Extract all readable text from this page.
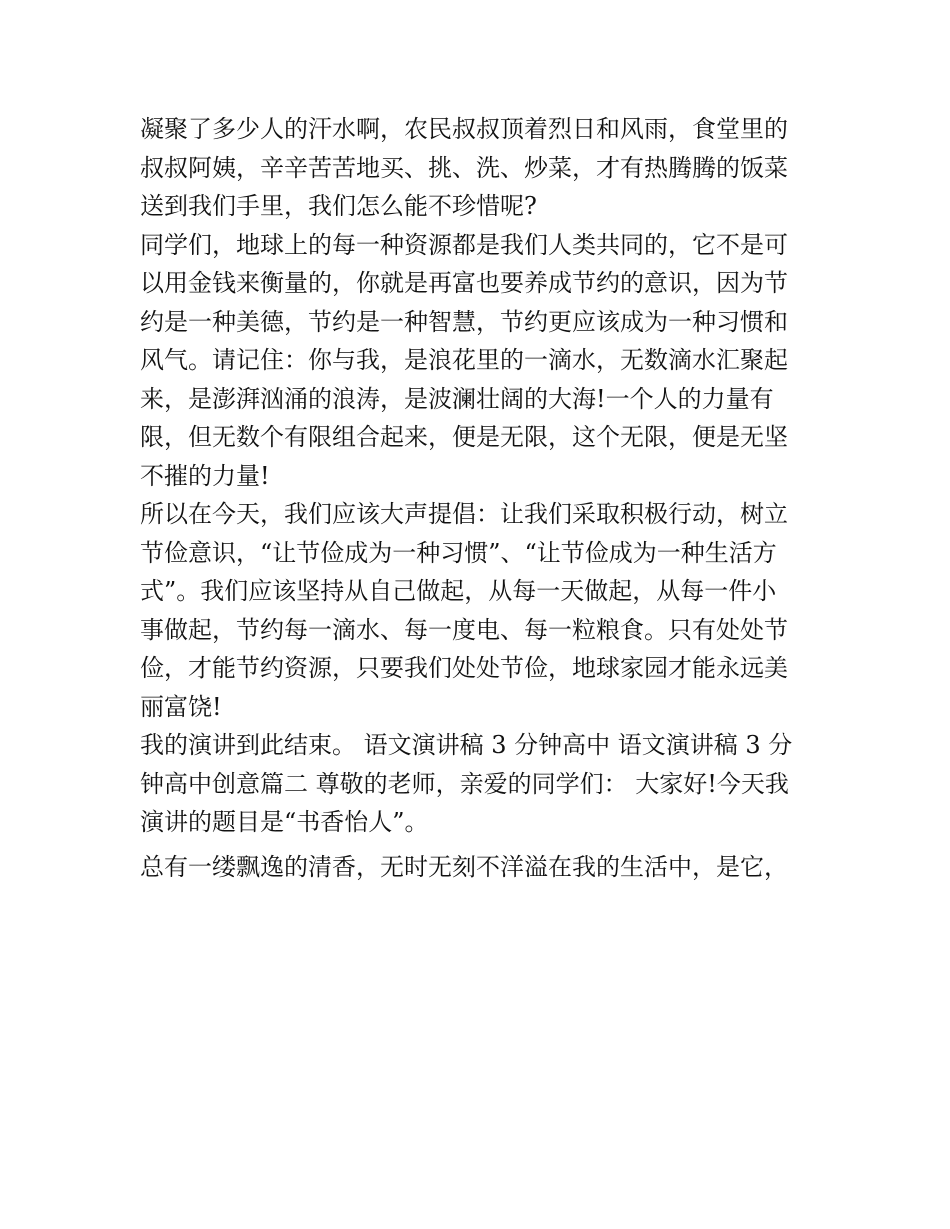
凝聚了多少人的汗水啊，农民叔叔顶着烈日和风雨，食堂里的

叔叔阿姨，辛辛苦苦地买、挑、洗、炒菜，才有热腾腾的饭菜

送到我们手里，我们怎么能不珍惜呢?

同学们，地球上的每一种资源都是我们人类共同的，它不是可

以用金钱来衡量的，你就是再富也要养成节约的意识，因为节

约是一种美德，节约是一种智慧，节约更应该成为一种习惯和

风气。请记住：你与我，是浪花里的一滴水，无数滴水汇聚起

来，是澎湃汹涌的浪涛，是波澜壮阔的大海!一个人的力量有

限，但无数个有限组合起来，便是无限，这个无限，便是无坚

不摧的力量!

所以在今天，我们应该大声提倡：让我们采取积极行动，树立

节俭意识，“让节俭成为一种习惯”、“让节俭成为一种生活方

式”。我们应该坚持从自己做起，从每一天做起，从每一件小

事做起，节约每一滴水、每一度电、每一粒粮食。只有处处节

俭，才能节约资源，只要我们处处节俭，地球家园才能永远美

丽富饶!

我的演讲到此结束。 语文演讲稿 3 分钟高中 语文演讲稿 3 分

钟高中创意篇二 尊敬的老师，亲爱的同学们： 大家好!今天我

演讲的题目是“书香怡人”。

总有一缕飘逸的清香，无时无刻不洋溢在我的生活中，是它，
